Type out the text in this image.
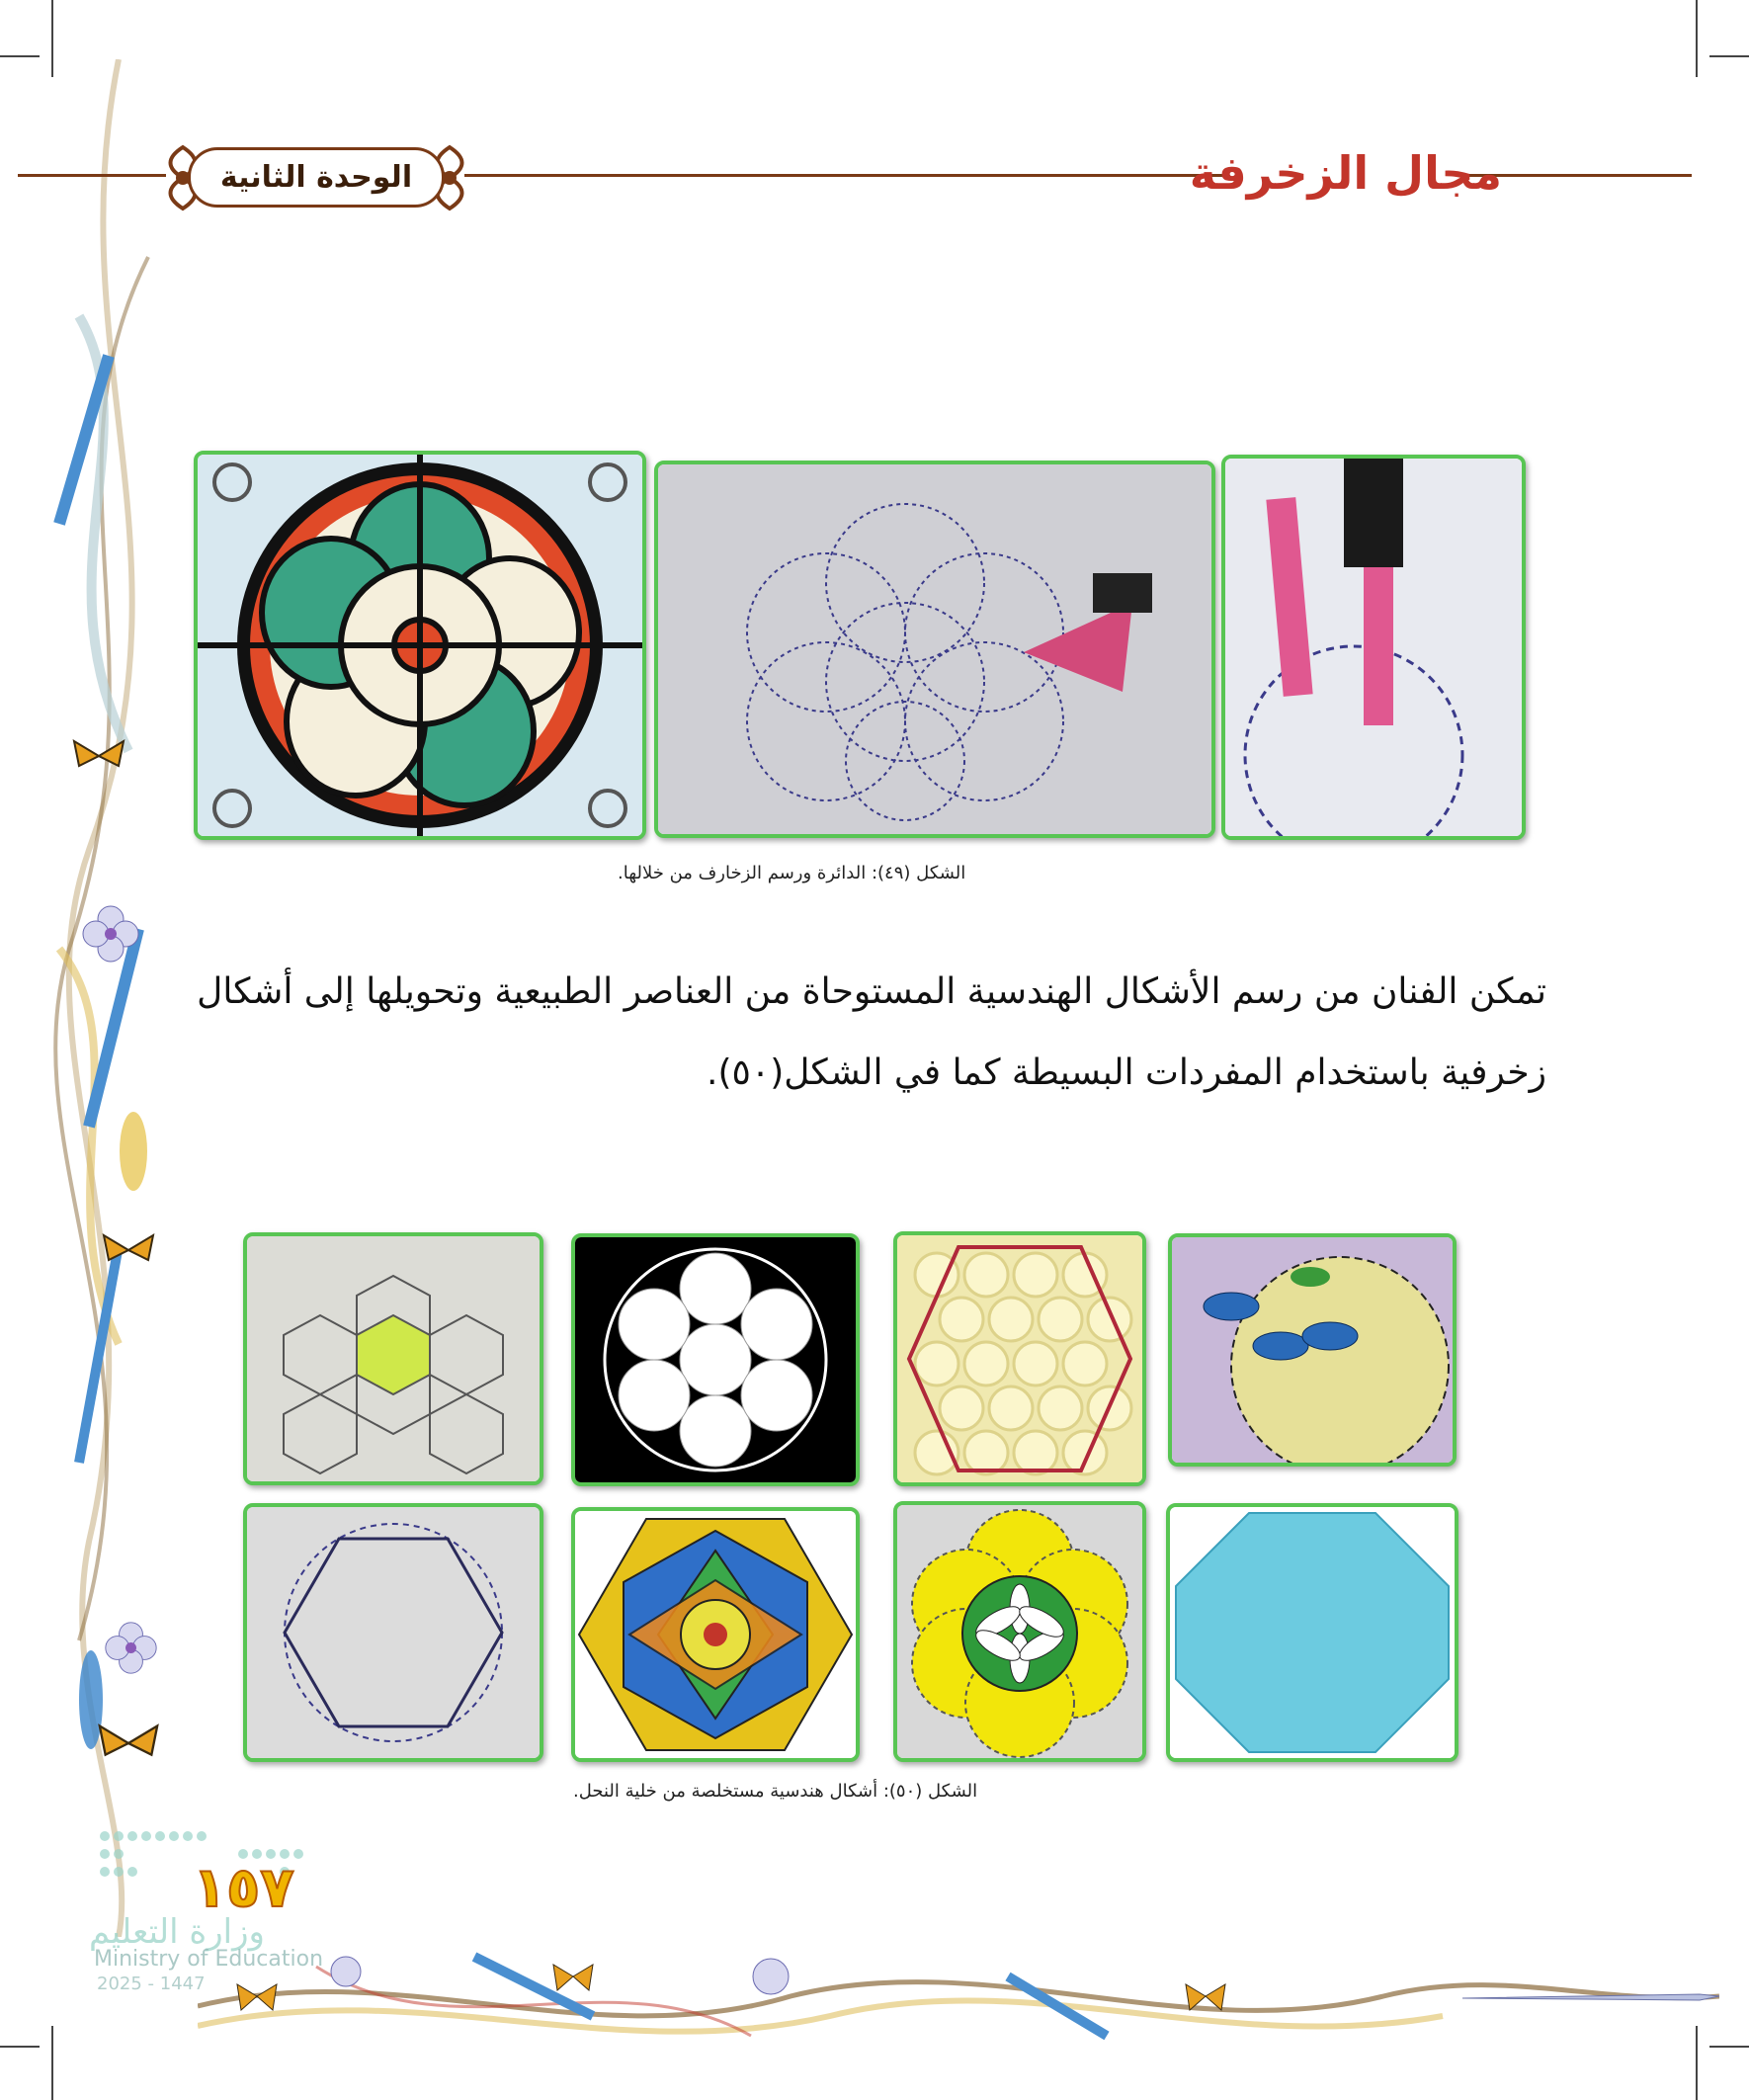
الوحدة الثانية	مجال الزخرفة
الشكل (٤٩): الدائرة ورسم الزخارف من خلالها.
تمكن الفنان من رسم الأشكال الهندسية المستوحاة من العناصر الطبيعية وتحويلها إلى أشكال
زخرفية باستخدام المفردات البسيطة كما في الشكل(٥٠).
الشكل (٥٠): أشكال هندسية مستخلصة من خلية النحل.
١٥٧
وزارة التعليم
Ministry of Education
2025 - 1447
